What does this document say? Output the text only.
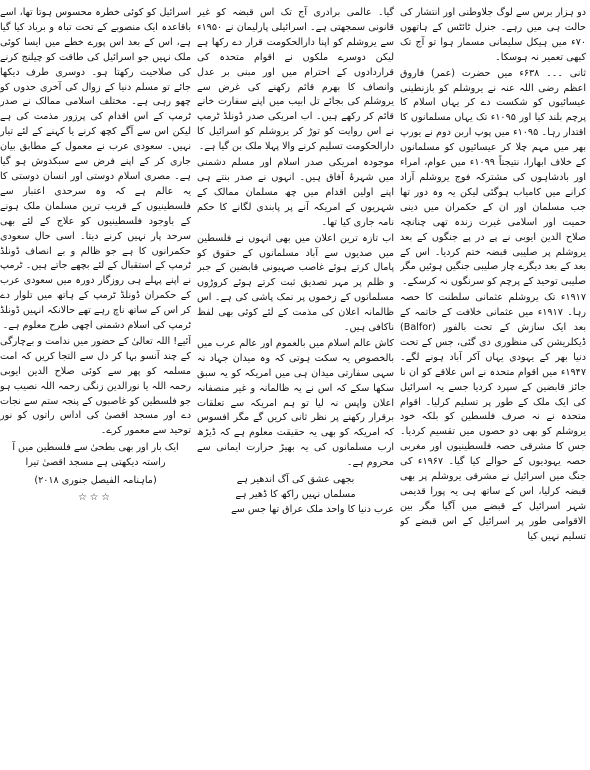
دو ہزار برس سے لوگ جلاوطنی اور انتشار کی حالت ہی میں رہے۔ جنرل ٹائٹس کے ہاتھوں ۷۰ء میں ہیکل سلیمانی مسمار ہوا تو آج تک کبھی تعمیر نہ ہوسکا۔

ثانی ۔۔۔ ۶۳۸ء میں حضرت (عمر) فاروق اعظم رضی اللہ عنہ نے یروشلم کو بازنطینی عیسائیوں کو شکست دے کر یہاں اسلام کا پرچم بلند کیا اور ۱۰۹۵ء تک یہاں مسلمانوں کا اقتدار رہا۔ ۱۰۹۵ء میں پوپ اربن دوم نے یورپ بھر میں مہم چلا کر عیسائیوں کو مسلمانوں کے خلاف ابھارا، نتیجتاً ۱۰۹۹ء میں عوام، امراء اور بادشاہوں کی مشترکہ فوج یروشلم آزاد کرانے میں کامیاب ہوگئی لیکن یہ وہ دور تھا جب مسلمان اور ان کے حکمران میں دینی حمیت اور اسلامی غیرت زندہ تھی چنانچہ صلاح الدین ایوبی نے پے در پے جنگوں کے بعد یروشلم پر صلیبی قبضہ ختم کردیا۔ اس کے بعد کے بعد دیگرے چار صلیبی جنگیں ہوئیں مگر صلیبی توحید کے پرچم کو سرنگوں نہ کرسکے۔

۱۹۱۷ء تک یروشلم عثمانی سلطنت کا حصہ رہا۔ ۱۹۱۷ء میں عثمانی خلافت کے خاتمہ کے بعد ایک سازش کے تحت بالفور (Balfor) ڈیکلریشن کی منظوری دی گئی، جس کے تحت دنیا بھر کے یہودی یہاں آکر آباد ہونے لگے۔ ۱۹۴۷ء میں اقوام متحدہ نے اس علاقے کو ان نا جائز قابضین کے سپرد کردیا جسے یہ اسرائیل کی ایک ملک کے طور پر تسلیم کرلیا۔ اقوام متحدہ نے نہ صرف فلسطین کو بلکہ خود یروشلم کو بھی دو حصوں میں تقسیم کردیا۔ جس کا مشرقی حصہ فلسطینیوں اور مغربی حصہ یہودیوں کے حوالے کیا گیا۔ ۱۹۶۷ء کی جنگ میں اسرائیل نے مشرقی یروشلم پر بھی قبضہ کرلیا، اس کے ساتھ ہی یہ پورا قدیمی شہر اسرائیل کے قبضے میں آگیا مگر بین الاقوامی طور پر اسرائیل کے اس قبضے کو تسلیم نہیں کیا

گیا۔ عالمی برادری آج تک اس قبضہ کو غیر قانونی سمجھتی ہے۔ اسرائیلی پارلیمان نے ۱۹۵۰ء سے یروشلم کو اپنا دارالحکومت قرار دے رکھا ہے لیکن دوسرے ملکوں نے اقوام متحدہ کی قراردادوں کے احترام میں اور مبنی بر عدل وانصاف کا بھرم قائم رکھنے کی غرض سے یروشلم کی بجائے تل ابیب میں اپنے سفارت خانے قائم کر رکھے ہیں۔ اب امریکی صدر ڈونلڈ ٹرمپ نے اس روایت کو توڑ کر یروشلم کو اسرائیل کا دارالحکومت تسلیم کرنے والا پہلا ملک بن گیا ہے۔

موجودہ امریکی صدر اسلام اور مسلم دشمنی میں شہرۂ آفاق ہیں۔ انہوں نے صدر بنتے ہی اپنے اولین اقدام میں چھ مسلمان ممالک کے شہریوں کے امریکہ آنے پر پابندی لگانے کا حکم نامہ جاری کیا تھا۔

اب تازہ ترین اعلان میں بھی انہوں نے فلسطین میں صدیوں سے آباد مسلمانوں کے حقوق کو پامال کرتے ہوئے غاصب صہیونی قابضین کے جبر و ظلم پر مہر تصدیق ثبت کرتے ہوئے کروڑوں مسلمانوں کے زخموں پر نمک پاشی کی ہے۔ اس ظالمانہ اعلان کی مذمت کے لئے کوئی بھی لفظ ناکافی ہیں۔

کاش عالم اسلام میں بالعموم اور عالم عرب میں بالخصوص یہ سکت ہوتی کہ وہ میدان جہاد نہ سہی سفارتی میدان ہی میں امریکہ کو یہ سبق سکھا سکے کہ اس نے یہ ظالمانہ و غیر منصفانہ اعلان واپس نہ لیا تو ہم امریکہ سے تعلقات برقرار رکھنے پر نظر ثانی کریں گے مگر افسوس کہ امریکہ کو بھی یہ حقیقت معلوم ہے کہ ڈیڑھ ارب مسلمانوں کی یہ بھیڑ حرارت ایمانی سے محروم ہے۔

بجھی عشق کی آگ اندھیر ہے
مسلماں نہیں راکھ کا ڈھیر ہے

عرب دنیا کا واحد ملک عراق تھا جس سے

اسرائیل کو کوئی خطرہ محسوس ہوتا تھا، اسے باقاعدہ ایک منصوبے کے تحت تباہ و برباد کیا گیا ہے، اس کے بعد اس پورے خطے میں ایسا کوئی ملک نہیں جو اسرائیل کی طاقت کو چیلنج کرنے کی صلاحیت رکھتا ہو۔ دوسری طرف دیکھا جائے تو مسلم دنیا کے زوال کی آخری حدوں کو چھو رہی ہے۔ مختلف اسلامی ممالک نے صدر ٹرمپ کے اس اقدام کی پرزور مذمت کی ہے لیکن اس سے آگے کچھ کرنے یا کہنے کے لئے تیار نہیں۔ سعودی عرب نے معمول کے مطابق بیان جاری کر کے اپنے فرض سے سبکدوش ہو گیا ہے۔ مصری اسلام دوستی اور انسان دوستی کا یہ عالم ہے کہ وہ سرحدی اعتبار سے فلسطینیوں کے قریب ترین مسلمان ملک ہونے کے باوجود فلسطینیوں کو علاج کے لئے بھی سرحد پار نہیں کرنے دیتا۔ اسی حال سعودی حکمرانوں کا ہے جو ظالم و بے انصاف ڈونلڈ ٹرمپ کے استقبال کے لئے بچھے جاتے ہیں۔ ٹرمپ نے اپنے پہلے ہی روزگار دورہ میں سعودی عرب کے حکمران ڈونلڈ ٹرمپ کے ہاتھ میں تلوار دے کر اس کے ساتھ ناچ رہے تھے حالانکہ انہیں ڈونلڈ ٹرمپ کی اسلام دشمنی اچھی طرح معلوم ہے۔

آئیے! اللہ تعالیٰ کے حضور میں ندامت و بےچارگی کے چند آنسو بہا کر دل سے التجا کریں کہ امت مسلمہ کو پھر سے کوئی صلاح الدین ایوبی رحمہ اللہ یا نورالدین زنگی رحمہ اللہ نصیب ہو جو فلسطین کو غاصبوں کے پنجہ ستم سے نجات دے اور مسجد اقصیٰ کی اداس راتوں کو نور توحید سے معمور کرے۔

ایک بار اور بھی بطحیٰ سے فلسطین میں آ
راستہ دیکھتی ہے مسجد اقصیٰ تیرا
(ماہنامہ الفیصل جنوری ۲۰۱۸)
☆☆☆
